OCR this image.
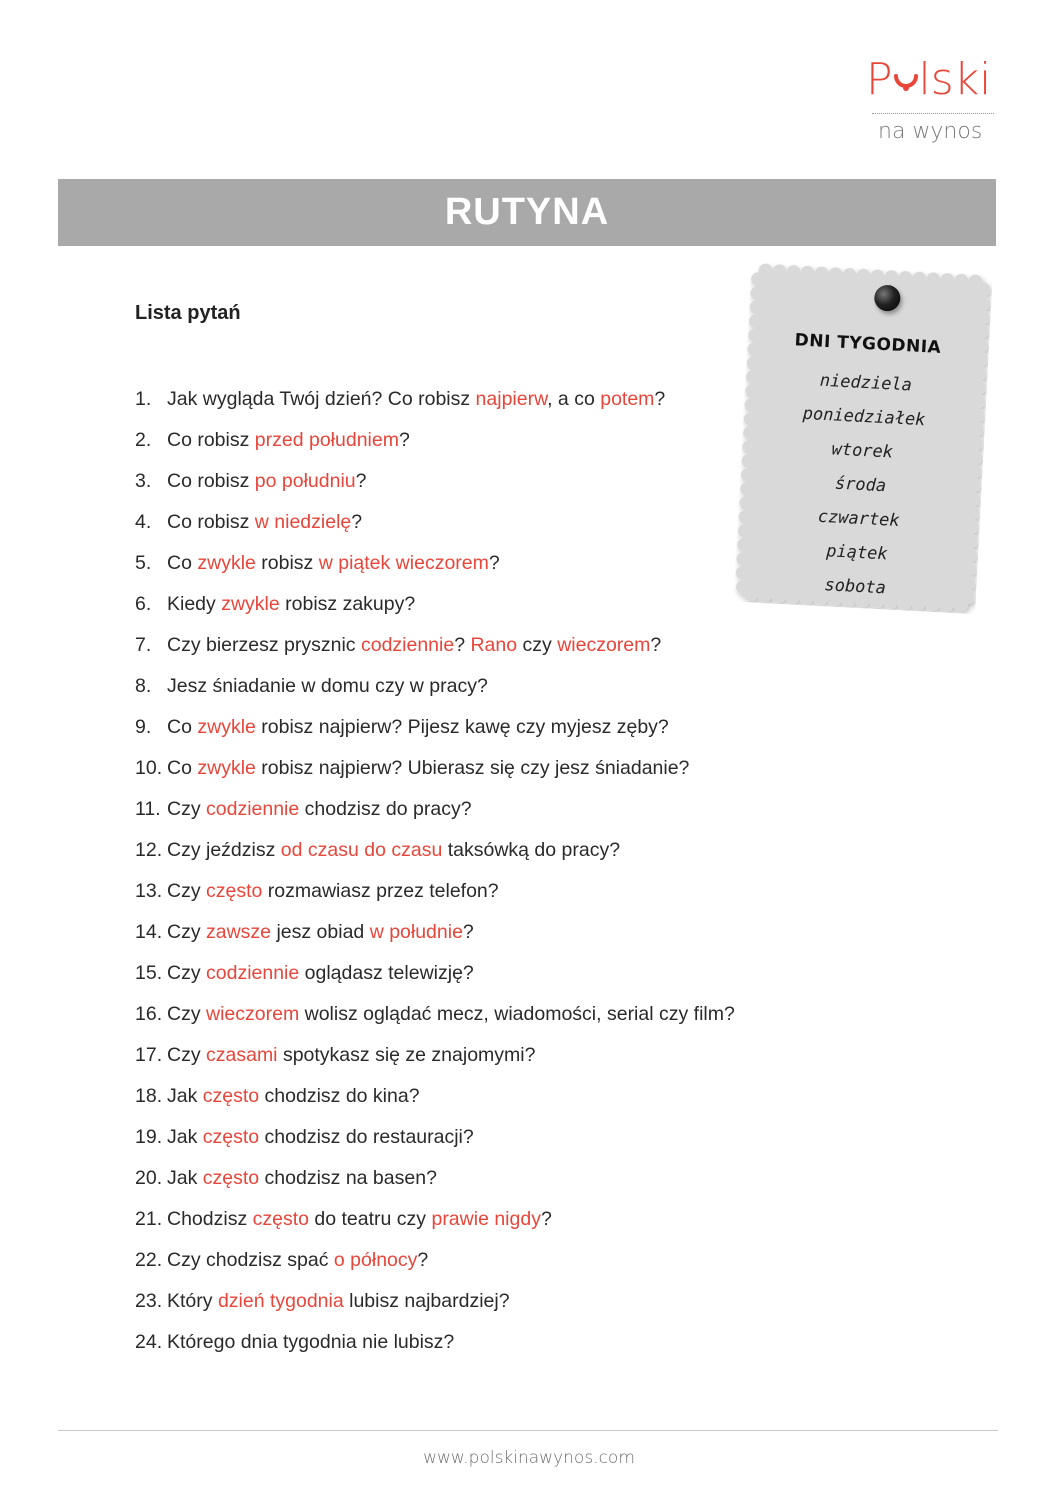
P lski
na wynos
RUTYNA
Lista pytań
1. Jak wygląda Twój dzień? Co robisz najpierw, a co potem?
2. Co robisz przed południem?
3. Co robisz po południu?
4. Co robisz w niedzielę?
5. Co zwykle robisz w piątek wieczorem?
6. Kiedy zwykle robisz zakupy?
7. Czy bierzesz prysznic codziennie? Rano czy wieczorem?
8. Jesz śniadanie w domu czy w pracy?
9. Co zwykle robisz najpierw? Pijesz kawę czy myjesz zęby?
10. Co zwykle robisz najpierw? Ubierasz się czy jesz śniadanie?
11. Czy codziennie chodzisz do pracy?
12. Czy jeździsz od czasu do czasu taksówką do pracy?
13. Czy często rozmawiasz przez telefon?
14. Czy zawsze jesz obiad w południe?
15. Czy codziennie oglądasz telewizję?
16. Czy wieczorem wolisz oglądać mecz, wiadomości, serial czy film?
17. Czy czasami spotykasz się ze znajomymi?
18. Jak często chodzisz do kina?
19. Jak często chodzisz do restauracji?
20. Jak często chodzisz na basen?
21. Chodzisz często do teatru czy prawie nigdy?
22. Czy chodzisz spać o północy?
23. Który dzień tygodnia lubisz najbardziej?
24. Którego dnia tygodnia nie lubisz?
DNI TYGODNIA
niedziela
poniedziałek
wtorek
środa
czwartek
piątek
sobota
www.polskinawynos.com
